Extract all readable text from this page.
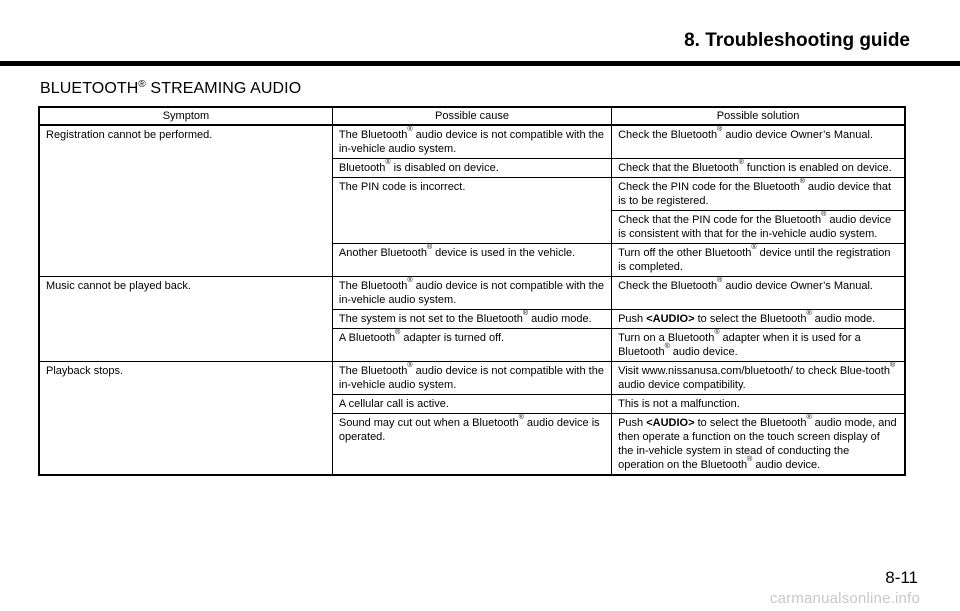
8. Troubleshooting guide
BLUETOOTH® STREAMING AUDIO
Symptom	Possible cause	Possible solution
Registration cannot be performed.	The Bluetooth® audio device is not compatible with the in-vehicle audio system.	Check the Bluetooth® audio device Owner’s Manual.
	Bluetooth® is disabled on device.	Check that the Bluetooth® function is enabled on device.
	The PIN code is incorrect.	Check the PIN code for the Bluetooth® audio device that is to be registered.
		Check that the PIN code for the Bluetooth® audio device is consistent with that for the in-vehicle audio system.
	Another Bluetooth® device is used in the vehicle.	Turn off the other Bluetooth® device until the registration is completed.
Music cannot be played back.	The Bluetooth® audio device is not compatible with the in-vehicle audio system.	Check the Bluetooth® audio device Owner’s Manual.
	The system is not set to the Bluetooth® audio mode.	Push <AUDIO> to select the Bluetooth® audio mode.
	A Bluetooth® adapter is turned off.	Turn on a Bluetooth® adapter when it is used for a Bluetooth® audio device.
Playback stops.	The Bluetooth® audio device is not compatible with the in-vehicle audio system.	Visit www.nissanusa.com/bluetooth/ to check Blue-tooth® audio device compatibility.
	A cellular call is active.	This is not a malfunction.
	Sound may cut out when a Bluetooth® audio device is operated.	Push <AUDIO> to select the Bluetooth® audio mode, and then operate a function on the touch screen display of the in-vehicle system in stead of conducting the operation on the Bluetooth® audio device.
8-11
carmanualsonline.info
